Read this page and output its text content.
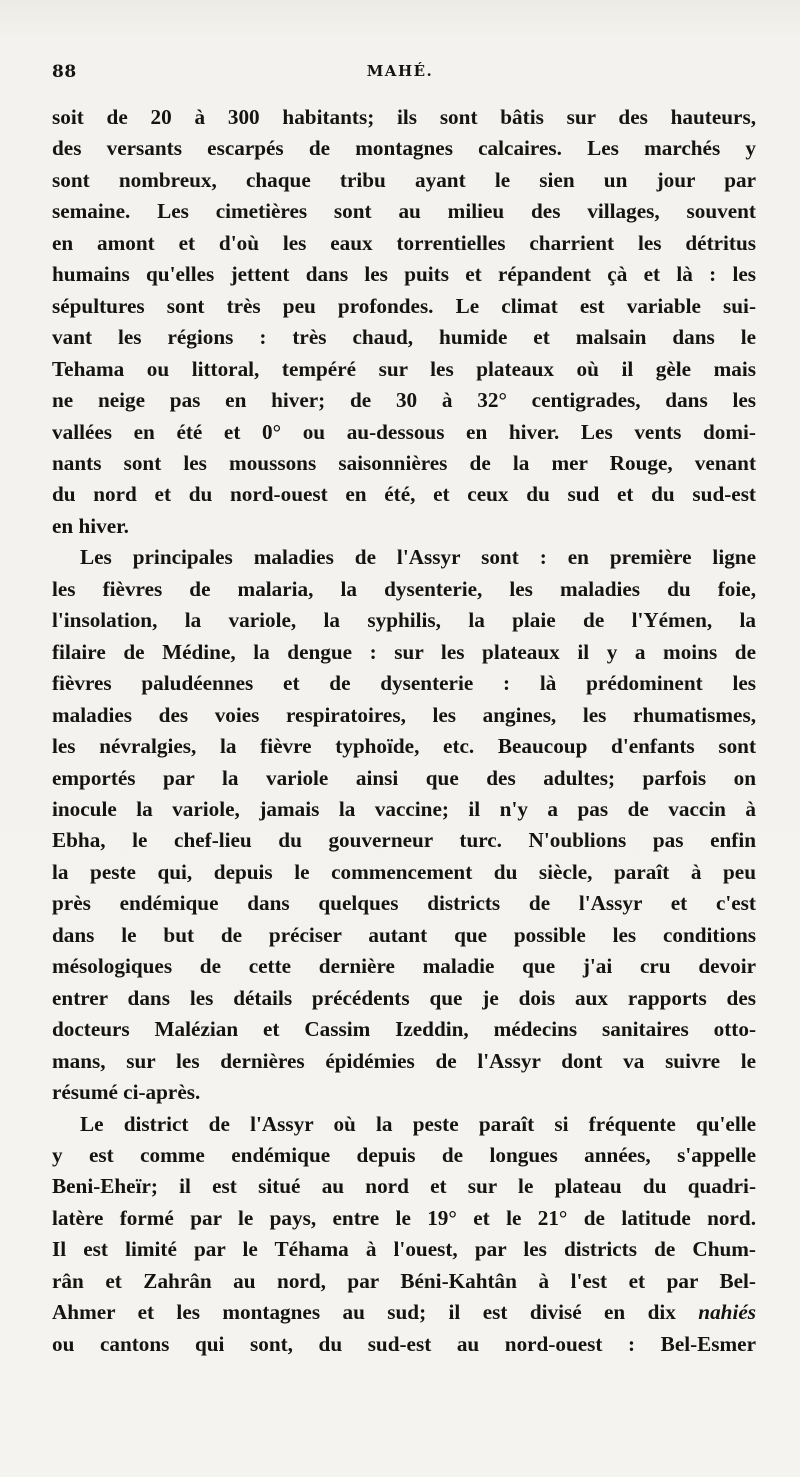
88	MAHÉ.
soit de 20 à 300 habitants; ils sont bâtis sur des hauteurs,
des versants escarpés de montagnes calcaires. Les marchés y
sont nombreux, chaque tribu ayant le sien un jour par
semaine. Les cimetières sont au milieu des villages, souvent
en amont et d'où les eaux torrentielles charrient les détritus
humains qu'elles jettent dans les puits et répandent çà et là : les
sépultures sont très peu profondes. Le climat est variable sui-
vant les régions : très chaud, humide et malsain dans le
Tehama ou littoral, tempéré sur les plateaux où il gèle mais
ne neige pas en hiver; de 30 à 32° centigrades, dans les
vallées en été et 0° ou au-dessous en hiver. Les vents domi-
nants sont les moussons saisonnières de la mer Rouge, venant
du nord et du nord-ouest en été, et ceux du sud et du sud-est
en hiver.
Les principales maladies de l'Assyr sont : en première ligne
les fièvres de malaria, la dysenterie, les maladies du foie,
l'insolation, la variole, la syphilis, la plaie de l'Yémen, la
filaire de Médine, la dengue : sur les plateaux il y a moins de
fièvres paludéennes et de dysenterie : là prédominent les
maladies des voies respiratoires, les angines, les rhumatismes,
les névralgies, la fièvre typhoïde, etc. Beaucoup d'enfants sont
emportés par la variole ainsi que des adultes; parfois on
inocule la variole, jamais la vaccine; il n'y a pas de vaccin à
Ebha, le chef-lieu du gouverneur turc. N'oublions pas enfin
la peste qui, depuis le commencement du siècle, paraît à peu
près endémique dans quelques districts de l'Assyr et c'est
dans le but de préciser autant que possible les conditions
mésologiques de cette dernière maladie que j'ai cru devoir
entrer dans les détails précédents que je dois aux rapports des
docteurs Malézian et Cassim Izeddin, médecins sanitaires otto-
mans, sur les dernières épidémies de l'Assyr dont va suivre le
résumé ci-après.
Le district de l'Assyr où la peste paraît si fréquente qu'elle
y est comme endémique depuis de longues années, s'appelle
Beni-Eheïr; il est situé au nord et sur le plateau du quadri-
latère formé par le pays, entre le 19° et le 21° de latitude nord.
Il est limité par le Téhama à l'ouest, par les districts de Chum-
rân et Zahrân au nord, par Béni-Kahtân à l'est et par Bel-
Ahmer et les montagnes au sud; il est divisé en dix nahiés
ou cantons qui sont, du sud-est au nord-ouest : Bel-Esmer
